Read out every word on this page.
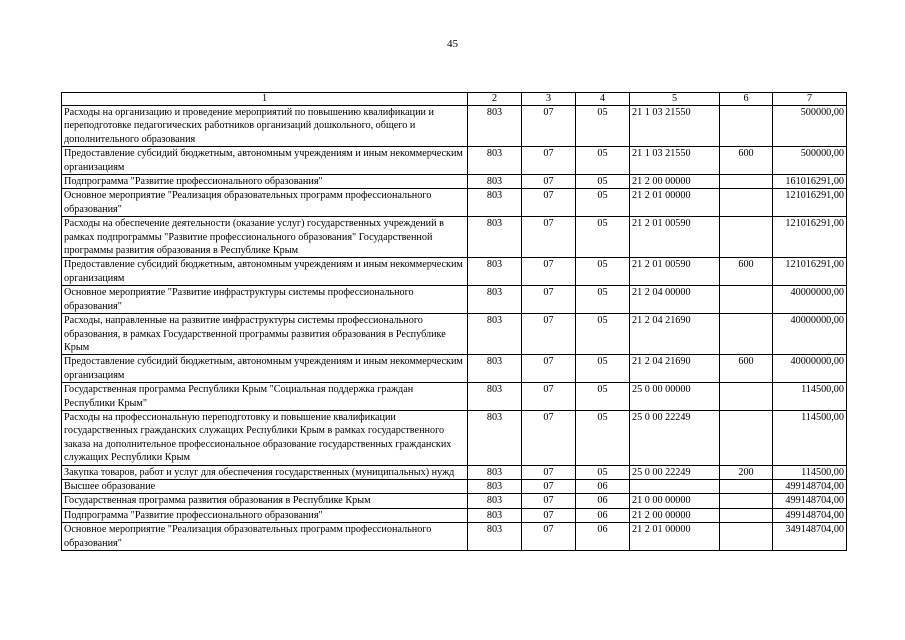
45
1	2	3	4	5	6	7
Расходы на организацию и проведение мероприятий по повышению квалификации и переподготовке педагогических работников организаций дошкольного, общего и дополнительного образования	803	07	05	21 1 03 21550		500000,00
Предоставление субсидий бюджетным, автономным учреждениям и иным некоммерческим организациям	803	07	05	21 1 03 21550	600	500000,00
Подпрограмма "Развитие профессионального образования"	803	07	05	21 2 00 00000		161016291,00
Основное мероприятие "Реализация образовательных программ профессионального образования"	803	07	05	21 2 01 00000		121016291,00
Расходы на обеспечение деятельности (оказание услуг) государственных учреждений в рамках подпрограммы "Развитие профессионального образования" Государственной программы развития образования в Республике Крым	803	07	05	21 2 01 00590		121016291,00
Предоставление субсидий бюджетным, автономным учреждениям и иным некоммерческим организациям	803	07	05	21 2 01 00590	600	121016291,00
Основное мероприятие "Развитие инфраструктуры системы профессионального образования"	803	07	05	21 2 04 00000		40000000,00
Расходы, направленные на развитие инфраструктуры системы профессионального образования, в рамках Государственной программы развития образования в Республике Крым	803	07	05	21 2 04 21690		40000000,00
Предоставление субсидий бюджетным, автономным учреждениям и иным некоммерческим организациям	803	07	05	21 2 04 21690	600	40000000,00
Государственная программа Республики Крым "Социальная поддержка граждан Республики Крым"	803	07	05	25 0 00 00000		114500,00
Расходы на профессиональную переподготовку и повышение квалификации государственных гражданских служащих Республики Крым в рамках государственного заказа на дополнительное профессиональное образование государственных гражданских служащих Республики Крым	803	07	05	25 0 00 22249		114500,00
Закупка товаров, работ и услуг для обеспечения государственных (муниципальных) нужд	803	07	05	25 0 00 22249	200	114500,00
Высшее образование	803	07	06			499148704,00
Государственная программа развития образования в Республике Крым	803	07	06	21 0 00 00000		499148704,00
Подпрограмма "Развитие профессионального образования"	803	07	06	21 2 00 00000		499148704,00
Основное мероприятие "Реализация образовательных программ профессионального образования"	803	07	06	21 2 01 00000		349148704,00
